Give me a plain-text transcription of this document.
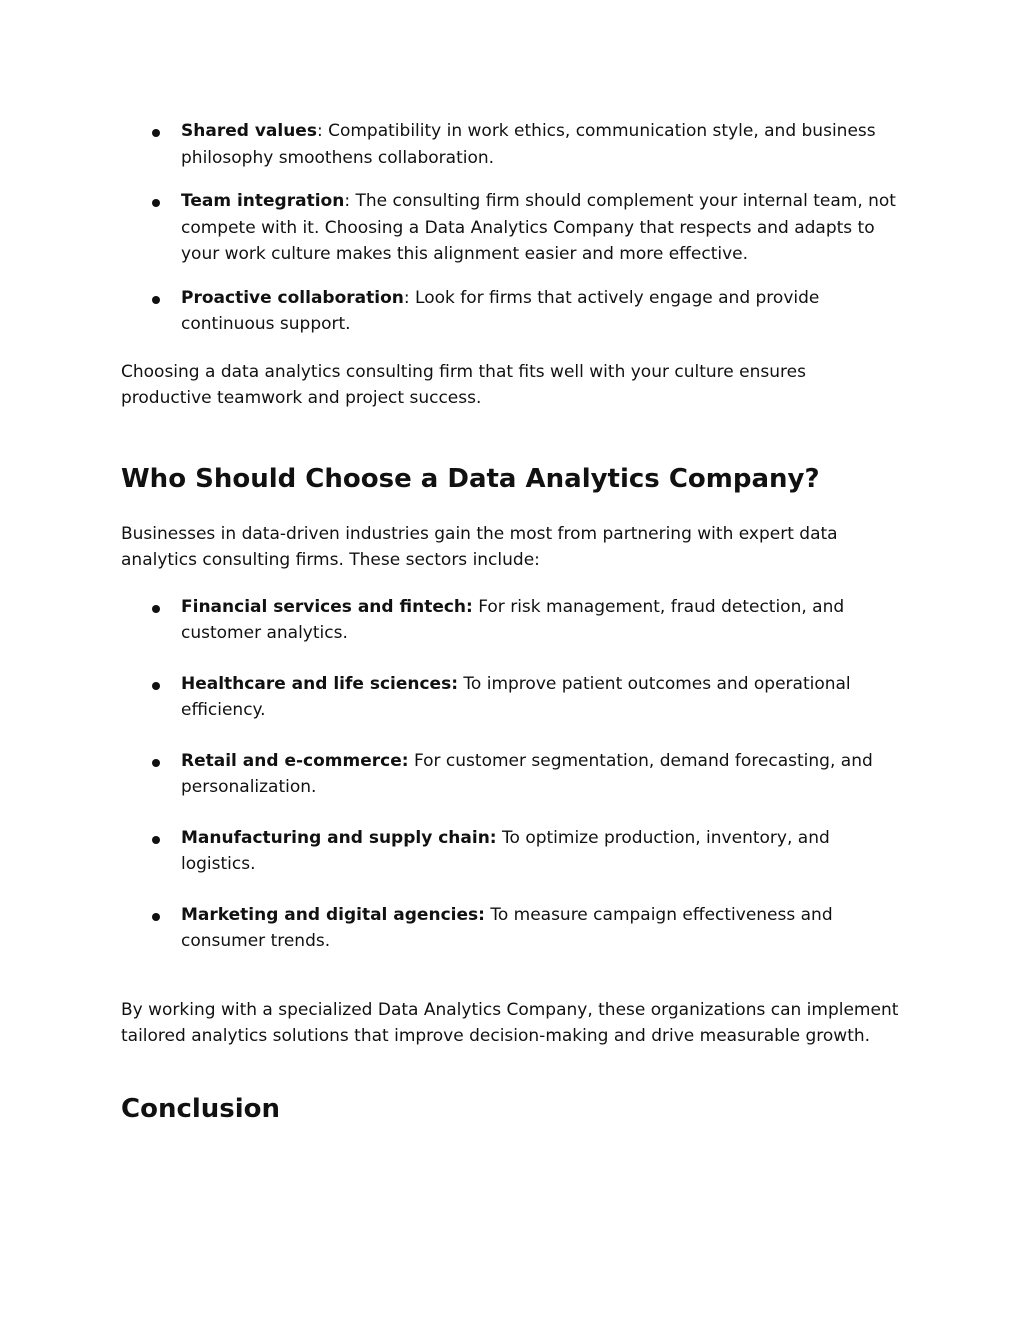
Shared values: Compatibility in work ethics, communication style, and business philosophy smoothens collaboration.
Team integration: The consulting firm should complement your internal team, not compete with it. Choosing a Data Analytics Company that respects and adapts to your work culture makes this alignment easier and more effective.
Proactive collaboration: Look for firms that actively engage and provide continuous support.

Choosing a data analytics consulting firm that fits well with your culture ensures productive teamwork and project success.

Who Should Choose a Data Analytics Company?

Businesses in data-driven industries gain the most from partnering with expert data analytics consulting firms. These sectors include:

Financial services and fintech: For risk management, fraud detection, and customer analytics.
Healthcare and life sciences: To improve patient outcomes and operational efficiency.
Retail and e-commerce: For customer segmentation, demand forecasting, and personalization.
Manufacturing and supply chain: To optimize production, inventory, and logistics.
Marketing and digital agencies: To measure campaign effectiveness and consumer trends.

By working with a specialized Data Analytics Company, these organizations can implement tailored analytics solutions that improve decision-making and drive measurable growth.

Conclusion
